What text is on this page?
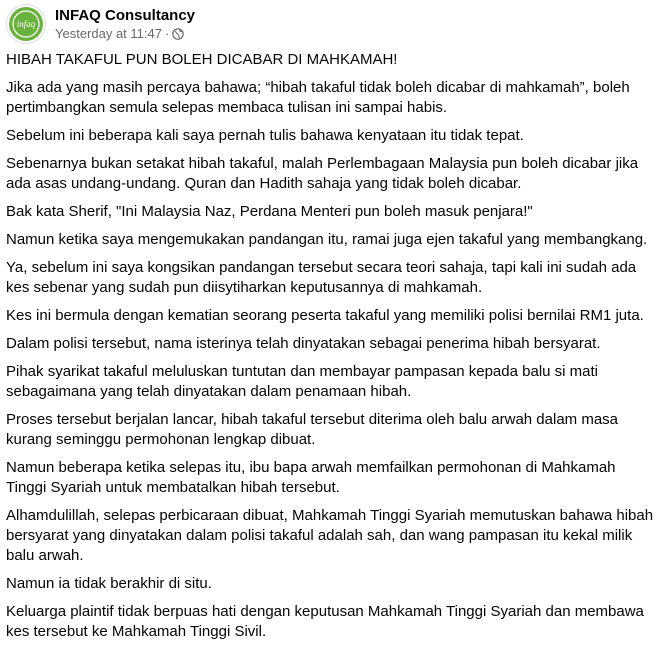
infaq INFAQ Consultancy
Yesterday at 11:47 ·

HIBAH TAKAFUL PUN BOLEH DICABAR DI MAHKAMAH!

Jika ada yang masih percaya bahawa; “hibah takaful tidak boleh dicabar di mahkamah”, boleh pertimbangkan semula selepas membaca tulisan ini sampai habis.

Sebelum ini beberapa kali saya pernah tulis bahawa kenyataan itu tidak tepat.

Sebenarnya bukan setakat hibah takaful, malah Perlembagaan Malaysia pun boleh dicabar jika ada asas undang-undang. Quran dan Hadith sahaja yang tidak boleh dicabar.

Bak kata Sherif, "Ini Malaysia Naz, Perdana Menteri pun boleh masuk penjara!"

Namun ketika saya mengemukakan pandangan itu, ramai juga ejen takaful yang membangkang.

Ya, sebelum ini saya kongsikan pandangan tersebut secara teori sahaja, tapi kali ini sudah ada kes sebenar yang sudah pun diisytiharkan keputusannya di mahkamah.

Kes ini bermula dengan kematian seorang peserta takaful yang memiliki polisi bernilai RM1 juta.

Dalam polisi tersebut, nama isterinya telah dinyatakan sebagai penerima hibah bersyarat.

Pihak syarikat takaful meluluskan tuntutan dan membayar pampasan kepada balu si mati sebagaimana yang telah dinyatakan dalam penamaan hibah.

Proses tersebut berjalan lancar, hibah takaful tersebut diterima oleh balu arwah dalam masa kurang seminggu permohonan lengkap dibuat.

Namun beberapa ketika selepas itu, ibu bapa arwah memfailkan permohonan di Mahkamah Tinggi Syariah untuk membatalkan hibah tersebut.

Alhamdulillah, selepas perbicaraan dibuat, Mahkamah Tinggi Syariah memutuskan bahawa hibah bersyarat yang dinyatakan dalam polisi takaful adalah sah, dan wang pampasan itu kekal milik balu arwah.

Namun ia tidak berakhir di situ.

Keluarga plaintif tidak berpuas hati dengan keputusan Mahkamah Tinggi Syariah dan membawa kes tersebut ke Mahkamah Tinggi Sivil.
